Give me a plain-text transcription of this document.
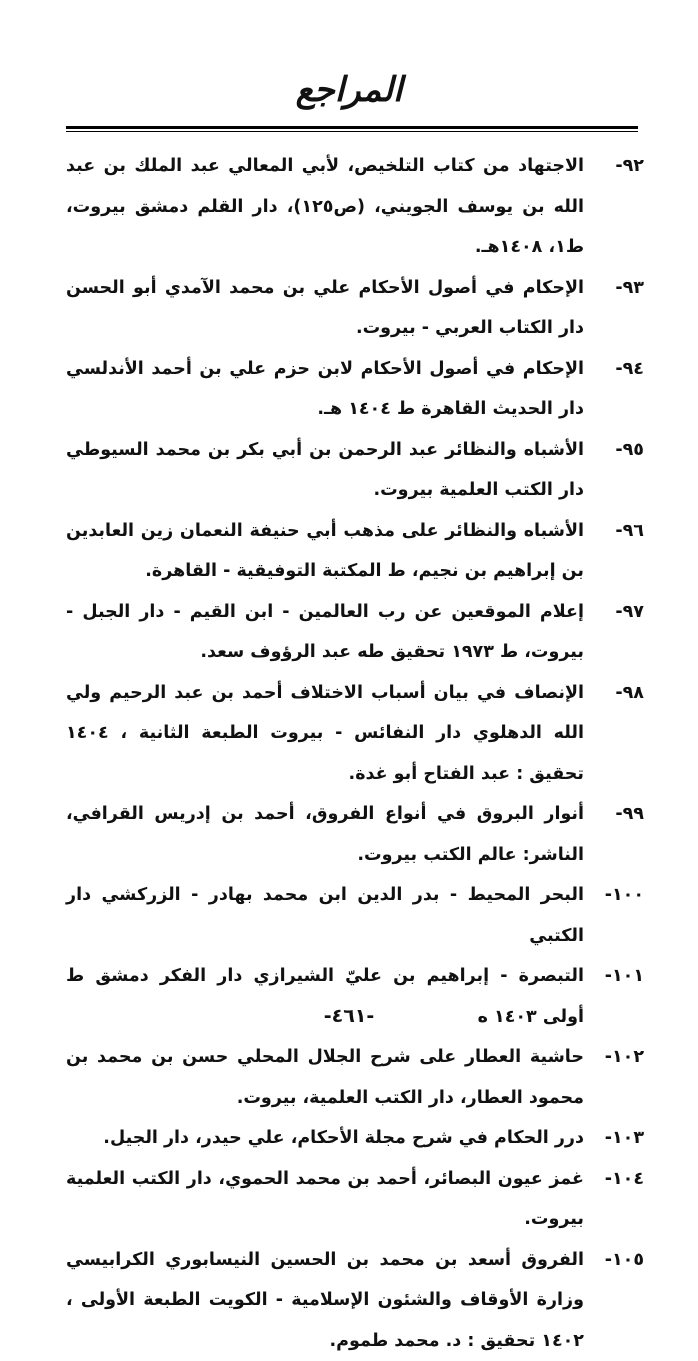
المراجع

٩٢-
الاجتهاد من كتاب التلخيص، لأبي المعالي عبد الملك بن عبد الله بن يوسف الجويني، (ص١٢٥)، دار القلم دمشق بيروت، ط١، ١٤٠٨هـ.

٩٣-
الإحكام في أصول الأحكام علي بن محمد الآمدي أبو الحسن دار الكتاب العربي - بيروت.

٩٤-
الإحكام في أصول الأحكام لابن حزم علي بن أحمد الأندلسي دار الحديث القاهرة ط ١٤٠٤ هـ.

٩٥-
الأشباه والنظائر عبد الرحمن بن أبي بكر بن محمد السيوطي دار الكتب العلمية بيروت.

٩٦-
الأشباه والنظائر على مذهب أبي حنيفة النعمان زين العابدين بن إبراهيم بن نجيم، ط المكتبة التوفيقية - القاهرة.

٩٧-
إعلام الموقعين عن رب العالمين - ابن القيم - دار الجبل - بيروت، ط ١٩٧٣ تحقيق طه عبد الرؤوف سعد.

٩٨-
الإنصاف في بيان أسباب الاختلاف أحمد بن عبد الرحيم ولي الله الدهلوي دار النفائس - بيروت الطبعة الثانية ، ١٤٠٤ تحقيق : عبد الفتاح أبو غدة.

٩٩-
أنوار البروق في أنواع الفروق، أحمد بن إدريس القرافي، الناشر: عالم الكتب بيروت.

١٠٠-
البحر المحيط - بدر الدين ابن محمد بهادر - الزركشي دار الكتبي

١٠١-
التبصرة - إبراهيم بن عليّ الشيرازي دار الفكر دمشق ط أولى ١٤٠٣ ه

١٠٢-
حاشية العطار على شرح الجلال المحلي حسن بن محمد بن محمود العطار، دار الكتب العلمية، بيروت.

١٠٣-
درر الحكام في شرح مجلة الأحكام، علي حيدر، دار الجيل.

١٠٤-
غمز عيون البصائر، أحمد بن محمد الحموي، دار الكتب العلمية بيروت.

١٠٥-
الفروق أسعد بن محمد بن الحسين النيسابوري الكرابيسي وزارة الأوقاف والشئون الإسلامية - الكويت الطبعة الأولى ، ١٤٠٢ تحقيق : د. محمد طموم.

-٤٦١-
